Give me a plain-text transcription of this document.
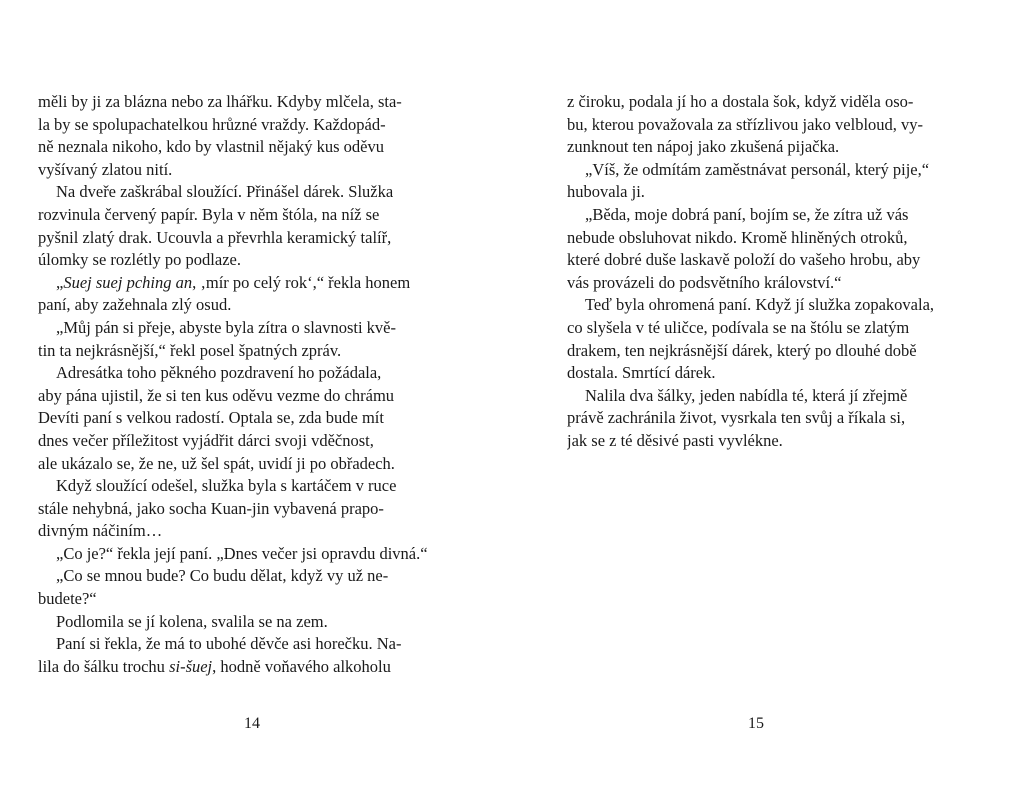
měli by ji za blázna nebo za lhářku. Kdyby mlčela, sta-
la by se spolupachatelkou hrůzné vraždy. Každopád-
ně neznala nikoho, kdo by vlastnil nějaký kus oděvu
vyšívaný zlatou nití.
Na dveře zaškrábal sloužící. Přinášel dárek. Služka
rozvinula červený papír. Byla v něm štóla, na níž se
pyšnil zlatý drak. Ucouvla a převrhla keramický talíř,
úlomky se rozlétly po podlaze.
„Suej suej pching an, ‚mír po celý rok‘,“ řekla honem
paní, aby zažehnala zlý osud.
„Můj pán si přeje, abyste byla zítra o slavnosti kvě-
tin ta nejkrásnější,“ řekl posel špatných zpráv.
Adresátka toho pěkného pozdravení ho požádala,
aby pána ujistil, že si ten kus oděvu vezme do chrámu
Devíti paní s velkou radostí. Optala se, zda bude mít
dnes večer příležitost vyjádřit dárci svoji vděčnost,
ale ukázalo se, že ne, už šel spát, uvidí ji po obřadech.
Když sloužící odešel, služka byla s kartáčem v ruce
stále nehybná, jako socha Kuan-jin vybavená prapo-
divným náčiním…
„Co je?“ řekla její paní. „Dnes večer jsi opravdu divná.“
„Co se mnou bude? Co budu dělat, když vy už ne-
budete?“
Podlomila se jí kolena, svalila se na zem.
Paní si řekla, že má to ubohé děvče asi horečku. Na-
lila do šálku trochu si-šuej, hodně voňavého alkoholu
z čiroku, podala jí ho a dostala šok, když viděla oso-
bu, kterou považovala za střízlivou jako velbloud, vy-
zunknout ten nápoj jako zkušená pijačka.
„Víš, že odmítám zaměstnávat personál, který pije,“
hubovala ji.
„Běda, moje dobrá paní, bojím se, že zítra už vás
nebude obsluhovat nikdo. Kromě hliněných otroků,
které dobré duše laskavě položí do vašeho hrobu, aby
vás provázeli do podsvětního království.“
Teď byla ohromená paní. Když jí služka zopakovala,
co slyšela v té uličce, podívala se na štólu se zlatým
drakem, ten nejkrásnější dárek, který po dlouhé době
dostala. Smrtící dárek.
Nalila dva šálky, jeden nabídla té, která jí zřejmě
právě zachránila život, vysrkala ten svůj a říkala si,
jak se z té děsivé pasti vyvlékne.
14	15
